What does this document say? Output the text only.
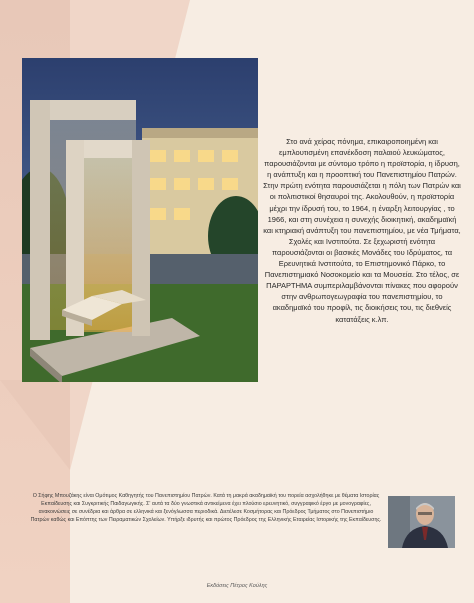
Στο ανά χείρας πόνημα, επικαιροποιημένη και εμπλουτισμένη επανέκδοση παλαιού λευκώματος, παρουσιάζονται με σύντομο τρόπο η προϊστορία, η ίδρυση, η ανάπτυξη και η προοπτική του Πανεπιστημίου Πατρών. Στην πρώτη ενότητα παρουσιάζεται η πόλη των Πατρών και οι πολιτιστικοί θησαυροί της. Ακολουθούν, η προϊστορία μέχρι την ίδρυσή του, το 1964, η έναρξη λειτουργίας , το 1966, και στη συνέχεια η συνεχής διοικητική, ακαδημαϊκή και κτηριακή ανάπτυξη του πανεπιστημίου, με νέα Τμήματα, Σχολές και Ινστιτούτα. Σε ξεχωριστή ενότητα παρουσιάζονται οι βασικές Μονάδες του Ιδρύματος, τα Ερευνητικά Ινστιτούτα, το Επιστημονικό Πάρκο, το Πανεπιστημιακό Νοσοκομείο και τα Μουσεία. Στο τέλος, σε ΠΑΡΑΡΤΗΜΑ συμπεριλαμβάνονται πίνακες που αφορούν στην ανθρωπογεωγραφία του πανεπιστημίου, το ακαδημαϊκό του προφίλ, τις διοικήσεις του, τις διεθνείς κατατάξεις κ.λπ.

Ο Σήφης Μπουζάκης είναι Ομότιμος Καθηγητής του Πανεπιστημίου Πατρών. Κατά τη μακρά ακαδημαϊκή του πορεία ασχολήθηκε με θέματα Ιστορίας Εκπαίδευσης και Συγκριτικής Παιδαγωγικής. Σ' αυτά τα δύο γνωστικά αντικείμενα έχει πλούσιο ερευνητικό, συγγραφικό έργο με μονογραφίες, ανακοινώσεις σε συνέδρια και άρθρα σε ελληνικά και ξενόγλωσσα περιοδικά. Διετέλεσε Κοσμήτορας και Πρόεδρος Τμήματος στο Πανεπιστήμιο Πατρών καθώς και Επόπτης των Πειραματικών Σχολείων. Υπήρξε ιδρυτής και πρώτος Πρόεδρος της Ελληνικής Εταιρείας Ιστορικής της Εκπαίδευσης.

Εκδόσεις Πέτρος Κούλης
